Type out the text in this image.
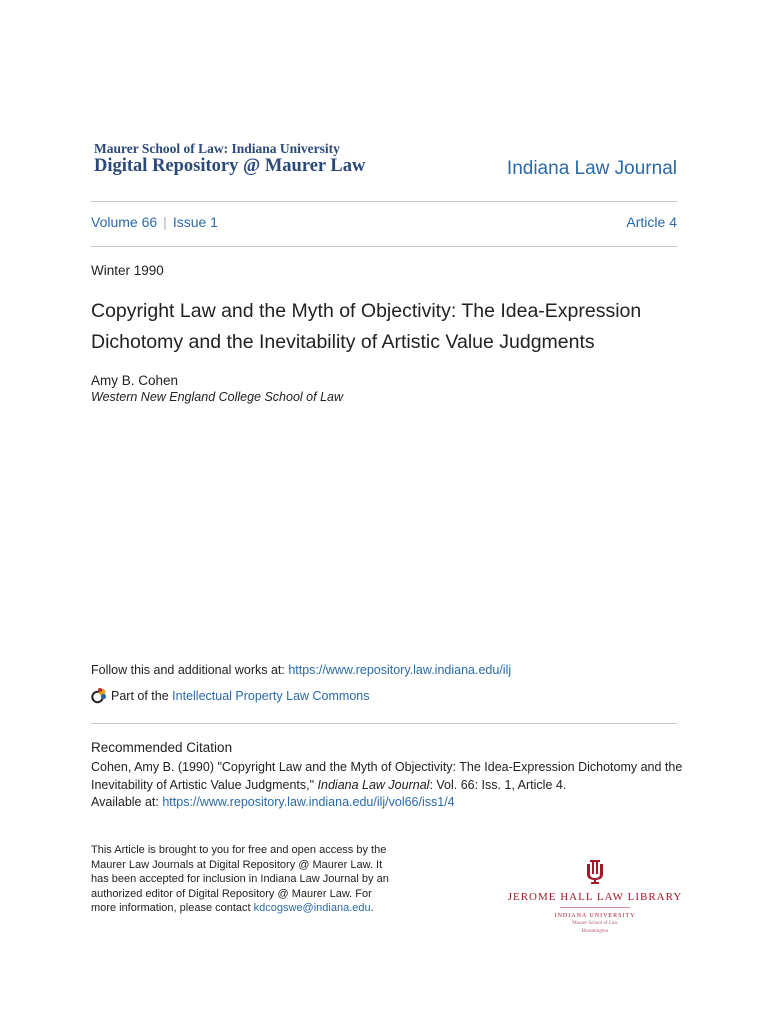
Maurer School of Law: Indiana University
Digital Repository @ Maurer Law	Indiana Law Journal
Volume 66 | Issue 1	Article 4
Winter 1990
Copyright Law and the Myth of Objectivity: The Idea-Expression Dichotomy and the Inevitability of Artistic Value Judgments
Amy B. Cohen
Western New England College School of Law
Follow this and additional works at: https://www.repository.law.indiana.edu/ilj
Part of the
Intellectual Property Law Commons
Recommended Citation
Cohen, Amy B. (1990) "Copyright Law and the Myth of Objectivity: The Idea-Expression Dichotomy and the Inevitability of Artistic Value Judgments," Indiana Law Journal: Vol. 66: Iss. 1, Article 4.
Available at: https://www.repository.law.indiana.edu/ilj/vol66/iss1/4
This Article is brought to you for free and open access by the Maurer Law Journals at Digital Repository @ Maurer Law. It has been accepted for inclusion in Indiana Law Journal by an authorized editor of Digital Repository @ Maurer Law. For more information, please contact kdcogswe@indiana.edu.
JEROME HALL LAW LIBRARY
INDIANA UNIVERSITY
Maurer School of Law
Bloomington
